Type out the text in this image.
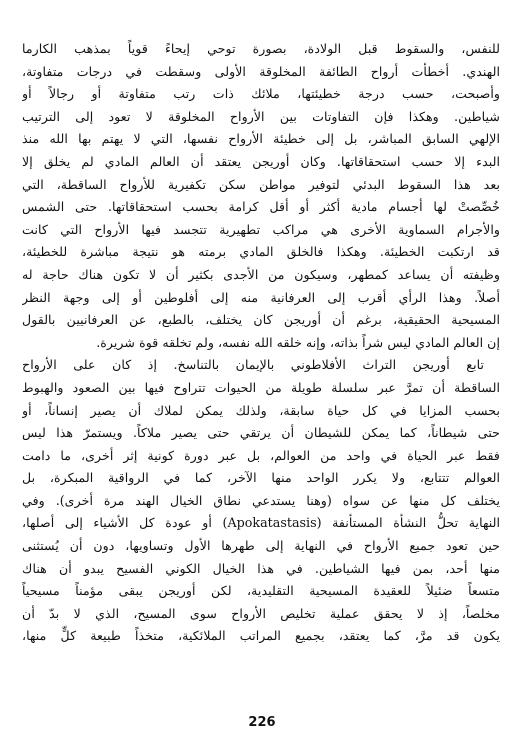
للنفس، والسقوط قبل الولادة، بصورة توحي إيحاءً قوياً بمذهب الكارما
الهندي. أخطأت أرواح الطائفة المخلوقة الأولى وسقطت في درجات متفاوتة،
وأصبحت، حسب درجة خطيئتها، ملائك ذات رتب متفاوتة أو رجالاً أو
شياطين. وهكذا فإن التفاوتات بين الأرواح المخلوقة لا تعود إلى الترتيب
الإلهي السابق المباشر، بل إلى خطيئة الأرواح نفسها، التي لا يهتم بها الله منذ
البدء إلا حسب استحقاقاتها. وكان أوريجن يعتقد أن العالم المادي لم يخلق إلا
بعد هذا السقوط البدئي لتوفير مواطن سكن تكفيرية للأرواح الساقطة، التي
خُصِّصتْ لها أجسام مادية أكثر أو أقل كرامة بحسب استحقاقاتها. حتى الشمس
والأجرام السماوية الأخرى هي مراكب تطهيرية تتجسد فيها الأرواح التي كانت
قد ارتكبت الخطيئة. وهكذا فالخلق المادي برمته هو نتيجة مباشرة للخطيئة،
وظيفته أن يساعد كمطهر، وسيكون من الأجدى بكثير أن لا تكون هناك حاجة له
أصلاً. وهذا الرأي أقرب إلى العرفانية منه إلى أفلوطين أو إلى وجهة النظر
المسيحية الحقيقية، برغم أن أوريجن كان يختلف، بالطبع، عن العرفانيين بالقول
إن العالم المادي ليس شراً بذاته، وإنه خلقه الله نفسه، ولم تخلقه قوة شريرة.
تابع أوريجن التراث الأفلاطوني بالإيمان بالتناسخ. إذ كان على الأرواح
الساقطة أن تمرَّ عبر سلسلة طويلة من الحيوات تتراوح فيها بين الصعود والهبوط
بحسب المزايا في كل حياة سابقة، ولذلك يمكن لملاك أن يصير إنساناً، أو
حتى شيطاناً، كما يمكن للشيطان أن يرتقي حتى يصير ملاكاً. ويستمرّ هذا ليس
فقط عبر الحياة في واحد من العوالم، بل عبر دورة كونية إثر أخرى، ما دامت
العوالم تتتابع، ولا يكرر الواحد منها الآخر، كما في الرواقية المبكرة، بل
يختلف كل منها عن سواه (وهنا يستدعي نطاق الخيال الهند مرة أخرى). وفي
النهاية تحلُّ النشأة المستأنفة (Apokatastasis) أو عودة كل الأشياء إلى أصلها،
حين تعود جميع الأرواح في النهاية إلى طهرها الأول وتساويها، دون أن يُستثنى
منها أحد، بمن فيها الشياطين. في هذا الخيال الكوني الفسيح يبدو أن هناك
متسعاً ضئيلاً للعقيدة المسيحية التقليدية، لكن أوريجن يبقى مؤمناً مسيحياً
مخلصاً، إذ لا يحقق عملية تخليص الأرواح سوى المسيح، الذي لا بدّ أن
يكون قد مرَّ، كما يعتقد، بجميع المراتب الملائكية، متخذاً طبيعة كلٍّ منها،
226
